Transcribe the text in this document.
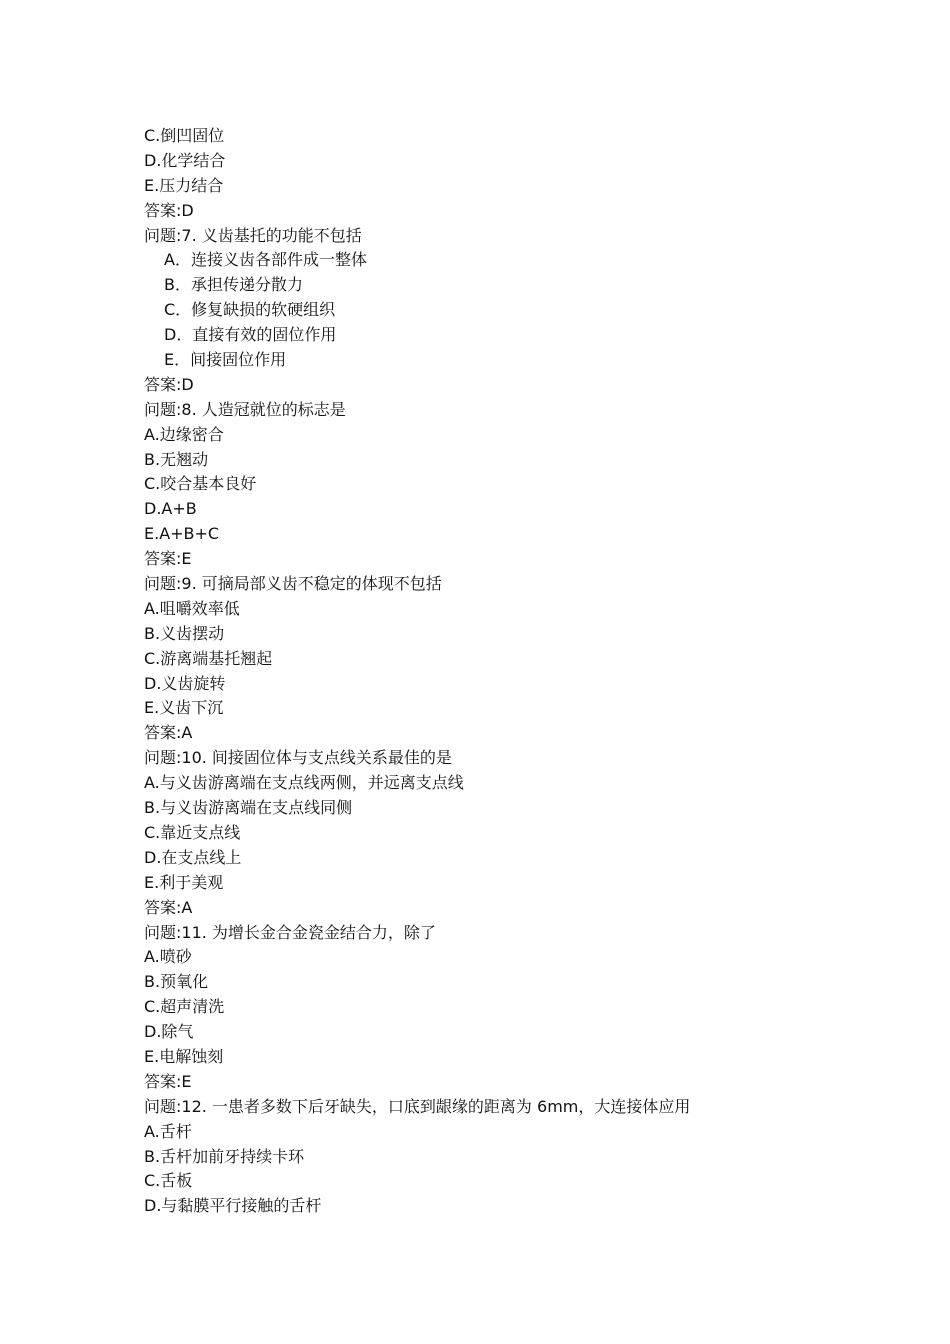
C.倒凹固位
D.化学结合
E.压力结合
答案:D
问题:7. 义齿基托的功能不包括
A．连接义齿各部件成一整体
B．承担传递分散力
C．修复缺损的软硬组织
D．直接有效的固位作用
E．间接固位作用
答案:D
问题:8. 人造冠就位的标志是
A.边缘密合
B.无翘动
C.咬合基本良好
D.A+B
E.A+B+C
答案:E
问题:9. 可摘局部义齿不稳定的体现不包括
A.咀嚼效率低
B.义齿摆动
C.游离端基托翘起
D.义齿旋转
E.义齿下沉
答案:A
问题:10. 间接固位体与支点线关系最佳的是
A.与义齿游离端在支点线两侧，并远离支点线
B.与义齿游离端在支点线同侧
C.靠近支点线
D.在支点线上
E.利于美观
答案:A
问题:11. 为增长金合金瓷金结合力，除了
A.喷砂
B.预氧化
C.超声清洗
D.除气
E.电解蚀刻
答案:E
问题:12. 一患者多数下后牙缺失，口底到龈缘的距离为 6mm，大连接体应用
A.舌杆
B.舌杆加前牙持续卡环
C.舌板
D.与黏膜平行接触的舌杆
